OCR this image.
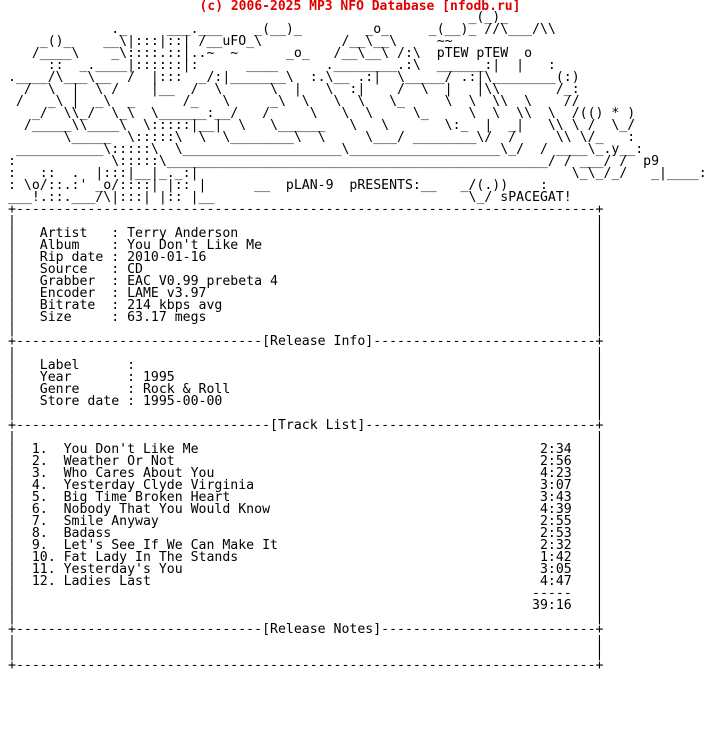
(c) 2006-2025 MP3 NFO Database [nfodb.ru]
_(_)_
._     ___.___    _(__)_        _o_     _(__)_ //\___/\\
_()_    __\|:::|::| /__uFO_\          /__\__\     ~~
/____\    _\::::.::|..~  ~      _o_   /__\__\ /:\  pTEW pTEW  o
::  _.____|::::::|:      ____      .________.:\  ______:|  |   :
.____/\___\__  /  |:::  _/:|_______\  :.\__ .:|  \_____/ .:|\________(:)
/  \  |  \ /    |__  /  \      \  |   \  :|    /  \  |   |\\       /_:
/   _\ |  _\  _      /_   \     _\  \   \  \   \_     \  \  \\  \    //
_/  \\_/  \_\  \______:__/   /     \   \  \     \_     \  \  \\  \  /(() * )
/_____\\____\  \:::::|__|  \   \______   \   \       \:_  |  _|   \\ \ /  \_/
\_____  \:::::\  \  \________\  \     \___/ ________\/  /     \\ \/_   :
___________\:::::\  \____________________\___________________\_/  / ____\_.y__:
:            \:::::\________________________________________________/ / ___/ /  p9
:   ::  .  |:::|__|_._:|                                               \_\_/_/   _|____:
: \o/::.:' _o/::::| |:: |      __  pLAN-9  pRESENTS:__   _/(.))    :
___!.::.___/\|:::| |:: |__                                \_/ sPACEGAT!
+-------------------------------------------------------------------------+
|                                                                         |
|   Artist   : Terry Anderson                                             |
|   Album    : You Don't Like Me                                          |
|   Rip date : 2010-01-16                                                 |
|   Source   : CD                                                         |
|   Grabber  : EAC V0.99 prebeta 4                                        |
|   Encoder  : LAME v3.97                                                 |
|   Bitrate  : 214 kbps avg                                               |
|   Size     : 63.17 megs                                                 |
|                                                                         |
+-------------------------------[Release Info]----------------------------+
|                                                                         |
|   Label      :                                                          |
|   Year       : 1995                                                     |
|   Genre      : Rock & Roll                                              |
|   Store date : 1995-00-00                                               |
|                                                                         |
+--------------------------------[Track List]-----------------------------+
|                                                                         |
|  1.  You Don't Like Me                                           2:34   |
|  2.  Weather Or Not                                              2:56   |
|  3.  Who Cares About You                                         4:23   |
|  4.  Yesterday Clyde Virginia                                    3:07   |
|  5.  Big Time Broken Heart                                       3:43   |
|  6.  Nobody That You Would Know                                  4:39   |
|  7.  Smile Anyway                                                2:55   |
|  8.  Badass                                                      2:53   |
|  9.  Let's See If We Can Make It                                 2:32   |
|  10. Fat Lady In The Stands                                      1:42   |
|  11. Yesterday's You                                             3:05   |
|  12. Ladies Last                                                 4:47   |
|                                                                 -----   |
|                                                                 39:16   |
|                                                                         |
+-------------------------------[Release Notes]---------------------------+
|                                                                         |
|                                                                         |
+-------------------------------------------------------------------------+
